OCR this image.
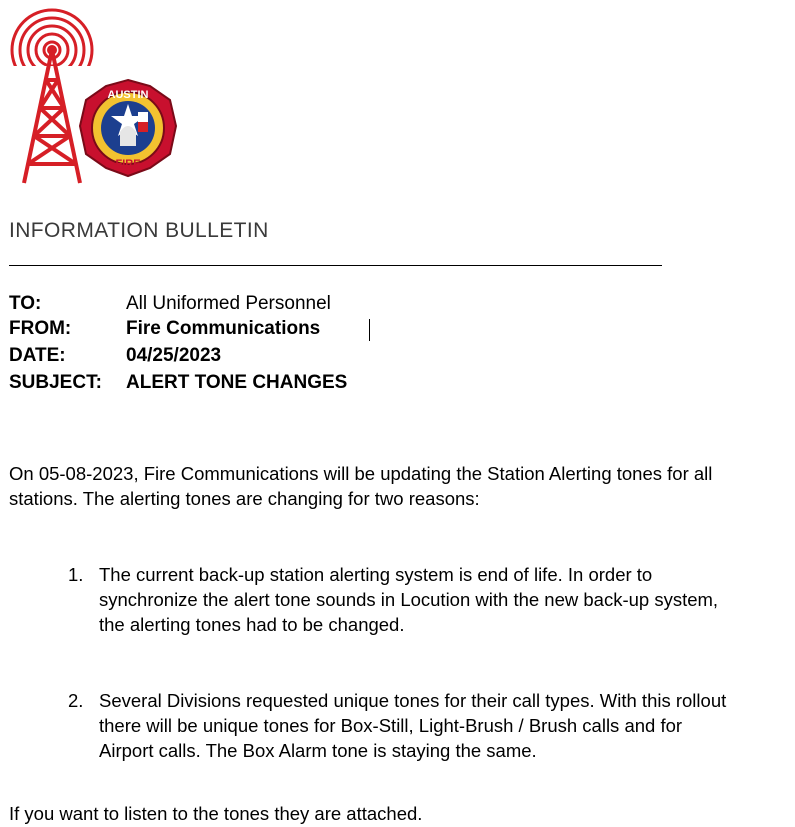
AUSTIN
FIRE
INFORMATION BULLETIN
TO:	All Uniformed Personnel
FROM:	Fire Communications
DATE:	04/25/2023
SUBJECT: ALERT TONE CHANGES
On 05-08-2023, Fire Communications will be updating the Station Alerting tones for all
stations. The alerting tones are changing for two reasons:
1. The current back-up station alerting system is end of life. In order to
synchronize the alert tone sounds in Locution with the new back-up system,
the alerting tones had to be changed.
2. Several Divisions requested unique tones for their call types. With this rollout
there will be unique tones for Box-Still, Light-Brush / Brush calls and for
Airport calls. The Box Alarm tone is staying the same.
If you want to listen to the tones they are attached.
